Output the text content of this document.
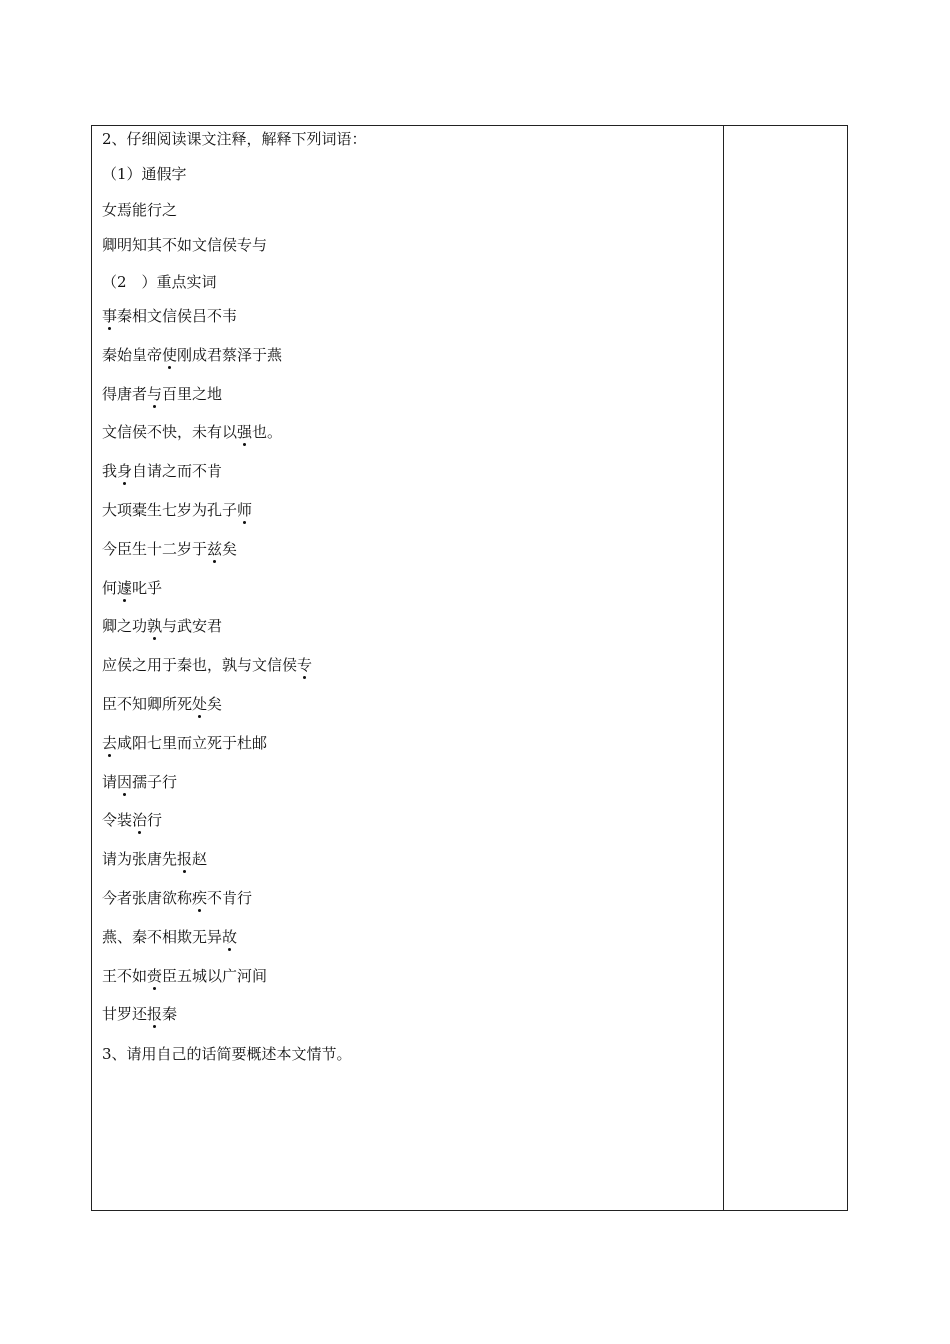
2、仔细阅读课文注释，解释下列词语：
（1）通假字
女焉能行之
卿明知其不如文信侯专与
（2　）重点实词
事秦相文信侯吕不韦
秦始皇帝使刚成君蔡泽于燕
得唐者与百里之地
文信侯不快，未有以强也。
我身自请之而不肯
大项橐生七岁为孔子师
今臣生十二岁于兹矣
何遽叱乎
卿之功孰与武安君
应侯之用于秦也，孰与文信侯专
臣不知卿所死处矣
去咸阳七里而立死于杜邮
请因孺子行
令装治行
请为张唐先报赵
今者张唐欲称疾不肯行
燕、秦不相欺无异故
王不如赍臣五城以广河间
甘罗还报秦
3、请用自己的话简要概述本文情节。
